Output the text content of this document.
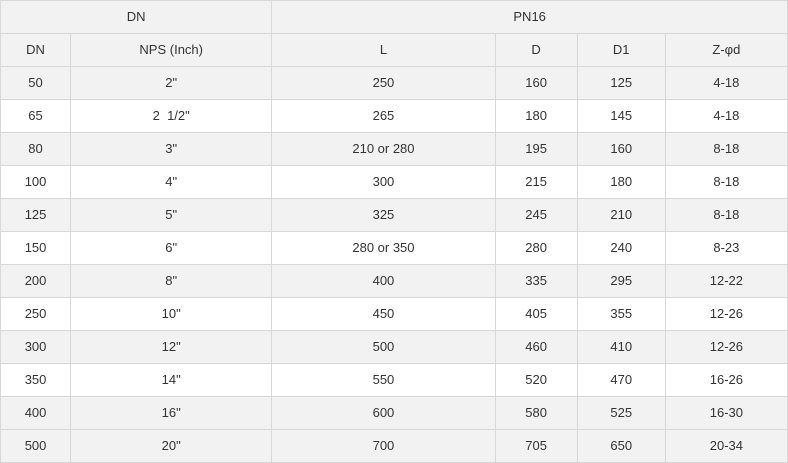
DN		PN16			
DN	NPS (Inch)	L	D	D1	Z-φd
50	2"	250	160	125	4-18
65	2  1/2"	265	180	145	4-18
80	3"	210 or 280	195	160	8-18
100	4"	300	215	180	8-18
125	5"	325	245	210	8-18
150	6"	280 or 350	280	240	8-23
200	8"	400	335	295	12-22
250	10"	450	405	355	12-26
300	12"	500	460	410	12-26
350	14"	550	520	470	16-26
400	16"	600	580	525	16-30
500	20"	700	705	650	20-34
